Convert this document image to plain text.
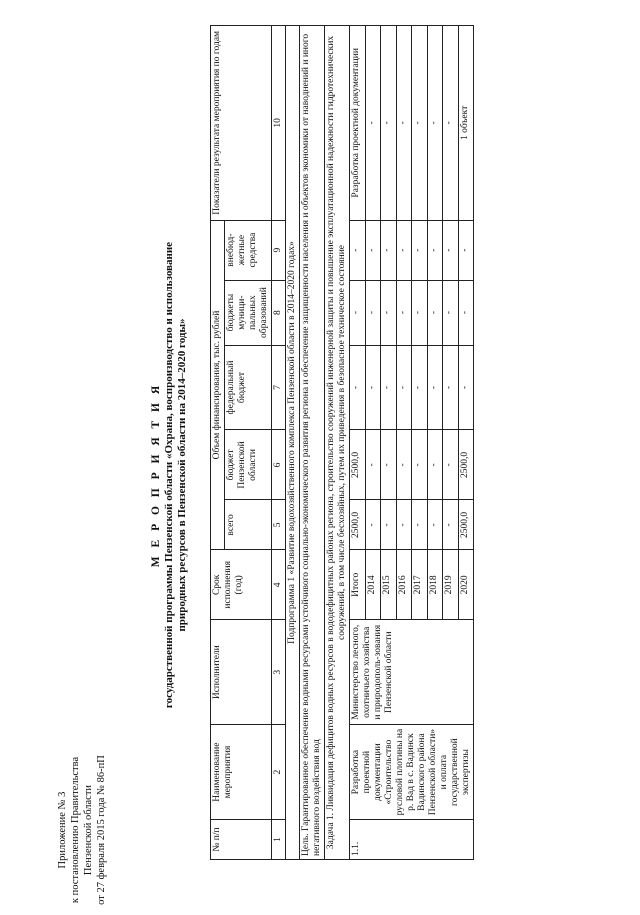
Приложение № 3 к постановлению Правительства Пензенской области от 27 февраля 2015 года № 86-пП
М Е Р О П Р И Я Т И Я государственной программы Пензенской области «Охрана, воспроизводство и использование природных ресурсов в Пензенской области на 2014–2020 годы»
№ п/п	Наименование мероприятия	Исполнители	Срок исполнения (год)	Объем финансирования, тыс. рублей					Показатели результата мероприятия по годам
				всего	бюджет Пензенской области	федеральный бюджет	бюджеты муници-пальных образований	внебюд-жетные средства	
1	2	3	4	5	6	7	8	9	10
Подпрограмма 1 «Развитие водохозяйственного комплекса Пензенской области в 2014–2020 годах»									
Цель. Гарантированное обеспечение водными ресурсами устойчивого социально-экономического развития региона и обеспечение защищенности населения и объектов экономики от наводнений и иного негативного воздействия вод									
Задача 1. Ликвидация дефицитов водных ресурсов в вододефицитных районах региона, строительство сооружений инженерной защиты и повышение эксплуатационной надежности гидротехнических сооружений, в том числе бесхозяйных, путем их приведения в безопасное техническое состояние									
1.1.	Разработка проектной документации «Строительство русловой плотины на р. Вад в с. Вадинск Вадинского района Пензенской области» и оплата государственной экспертизы	Министерство лесного, охотничьего хозяйства и природополь-зования Пензенской области	Итого	2500,0	2500,0	-	-	-	Разработка проектной документации
			2014	-	-	-	-	-	-
			2015	-	-	-	-	-	-
			2016	-	-	-	-	-	-
			2017	-	-	-	-	-	-
			2018	-	-	-	-	-	-
			2019	-	-	-	-	-	-
			2020	2500,0	2500,0	-	-	-	1 объект
